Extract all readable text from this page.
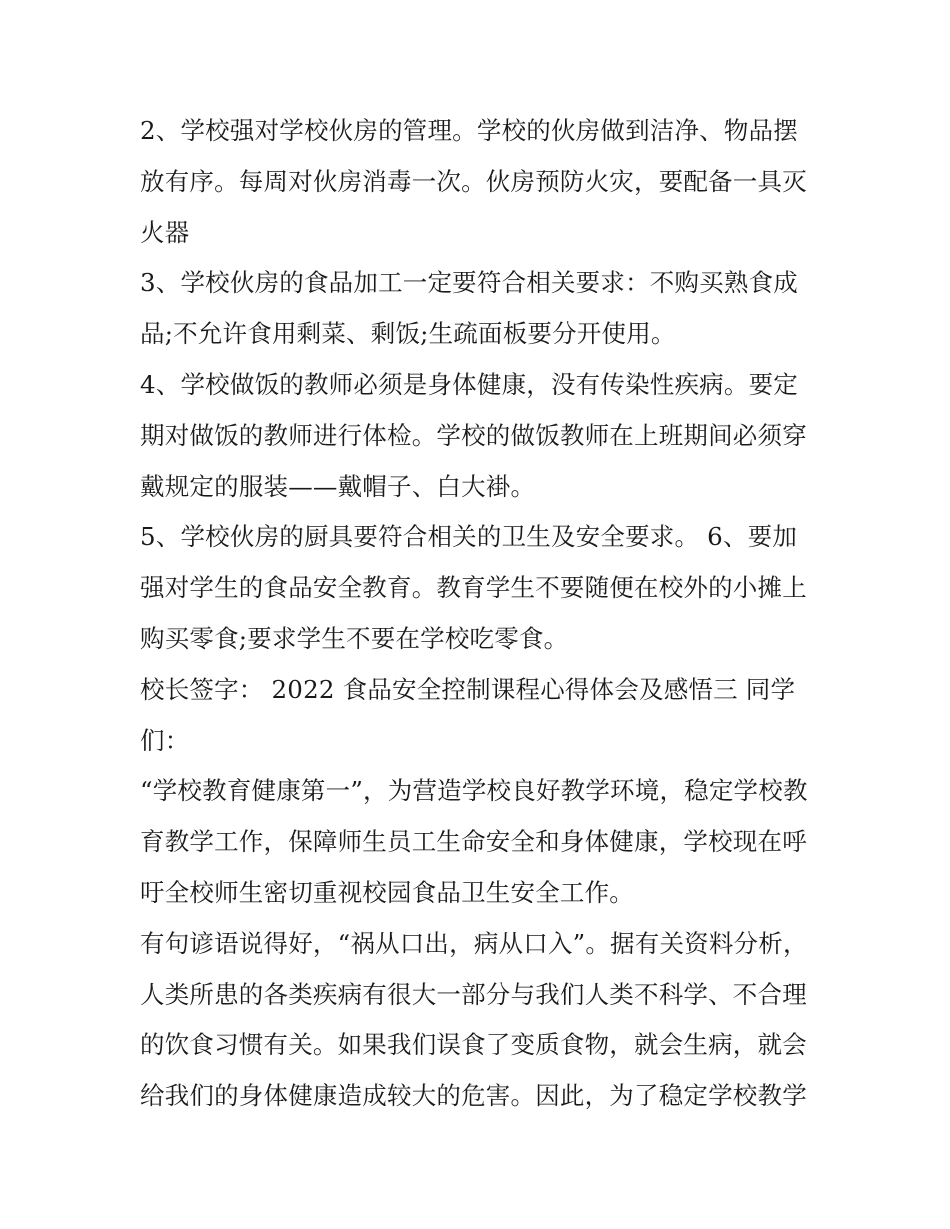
2、学校强对学校伙房的管理。学校的伙房做到洁净、物品摆
放有序。每周对伙房消毒一次。伙房预防火灾，要配备一具灭
火器
3、学校伙房的食品加工一定要符合相关要求：不购买熟食成
品;不允许食用剩菜、剩饭;生疏面板要分开使用。
4、学校做饭的教师必须是身体健康，没有传染性疾病。要定
期对做饭的教师进行体检。学校的做饭教师在上班期间必须穿
戴规定的服装——戴帽子、白大褂。
5、学校伙房的厨具要符合相关的卫生及安全要求。 6、要加
强对学生的食品安全教育。教育学生不要随便在校外的小摊上
购买零食;要求学生不要在学校吃零食。
校长签字： 2022 食品安全控制课程心得体会及感悟三 同学
们：
“学校教育健康第一”，为营造学校良好教学环境，稳定学校教
育教学工作，保障师生员工生命安全和身体健康，学校现在呼
吁全校师生密切重视校园食品卫生安全工作。
有句谚语说得好，“祸从口出，病从口入”。据有关资料分析，
人类所患的各类疾病有很大一部分与我们人类不科学、不合理
的饮食习惯有关。如果我们误食了变质食物，就会生病，就会
给我们的身体健康造成较大的危害。因此，为了稳定学校教学
